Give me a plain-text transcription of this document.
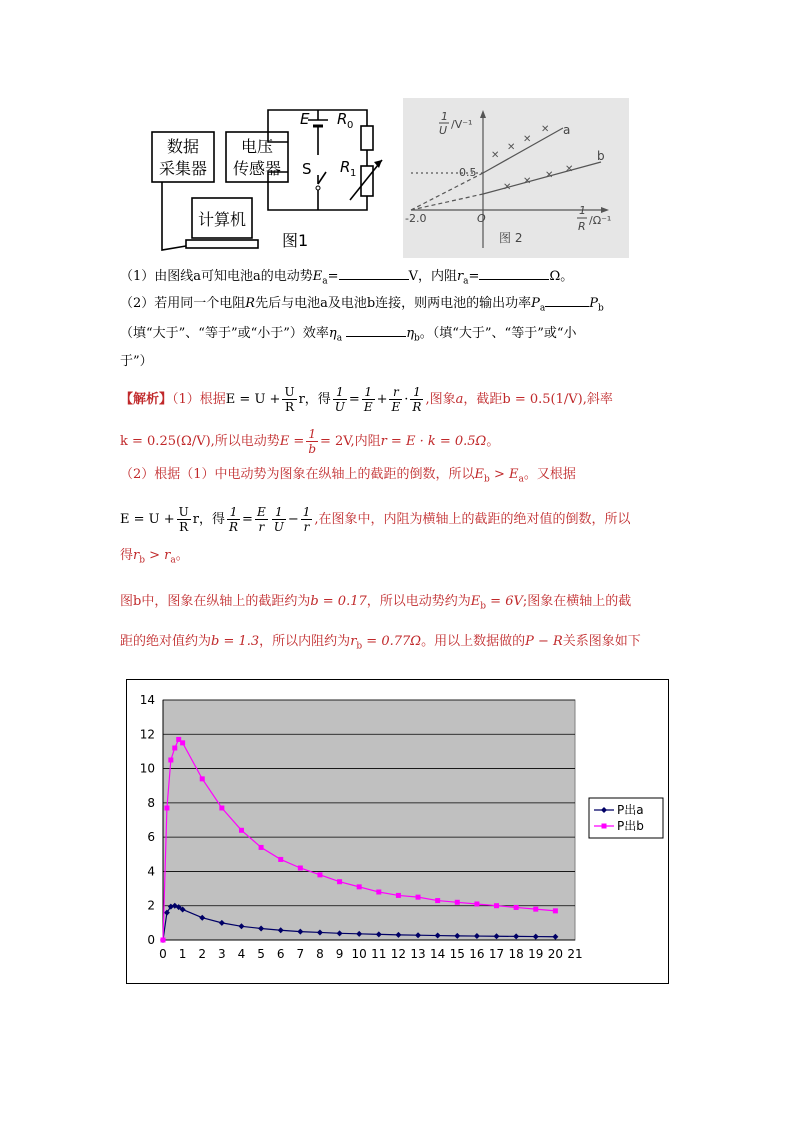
数据
采集器
电压
传感器
计算机
E R 0
S R 1
图1
✕
✕
✕
✕
✕
✕
✕
✕
1
U /V⁻¹
1
R /Ω⁻¹
0.5
-2.0	O
a
b
图 2
（1）由图线a可知电池a的电动势$E_a=$	V，内阻$r_a=$	Ω。
（2）若用同一个电阻R先后与电池a及电池b连接，则两电池的输出功率$P_a$	$P_b$
（填“大于”、“等于”或“小于”）效率$\eta_a$	$\eta_b$。（填“大于”、“等于”或“小
于”）
【解析】（1）根据$E = U + \frac{U}{R}$ r，得 $\frac{1}{U} = \frac{1}{E} + \frac{r}{E} \cdot \frac{1}{R}$ ,图象a，截距b = 0.5(1/V),斜率
k = 0.25(Ω/V),所以电动势$E = \frac{1}{b} = 2V$,内阻r = E · k = 0.5Ω。
（2）根据（1）中电动势为图象在纵轴上的截距的倒数，所以$E_b > E_a$。又根据
$E = U + \frac{U}{R}$ r，得 $\frac{1}{R} = \frac{E}{r} \frac{1}{U} - \frac{1}{r}$ ,在图象中，内阻为横轴上的截距的绝对值的倒数，所以
得$r_b > r_a$。
图b中，图象在纵轴上的截距约为b = 0.17，所以电动势约为$E_b = 6V$;图象在横轴上的截
距的绝对值约为b = 1.3，所以内阻约为$r_b = 0.77\Omega$。用以上数据做的P − R关系图象如下
0
2
4
6
8
10
12
14
0 1 2 3 4 5 6 7 8 9 10 11 12 13 14 15 16 17 18 19 20 21
P出a
P出b
